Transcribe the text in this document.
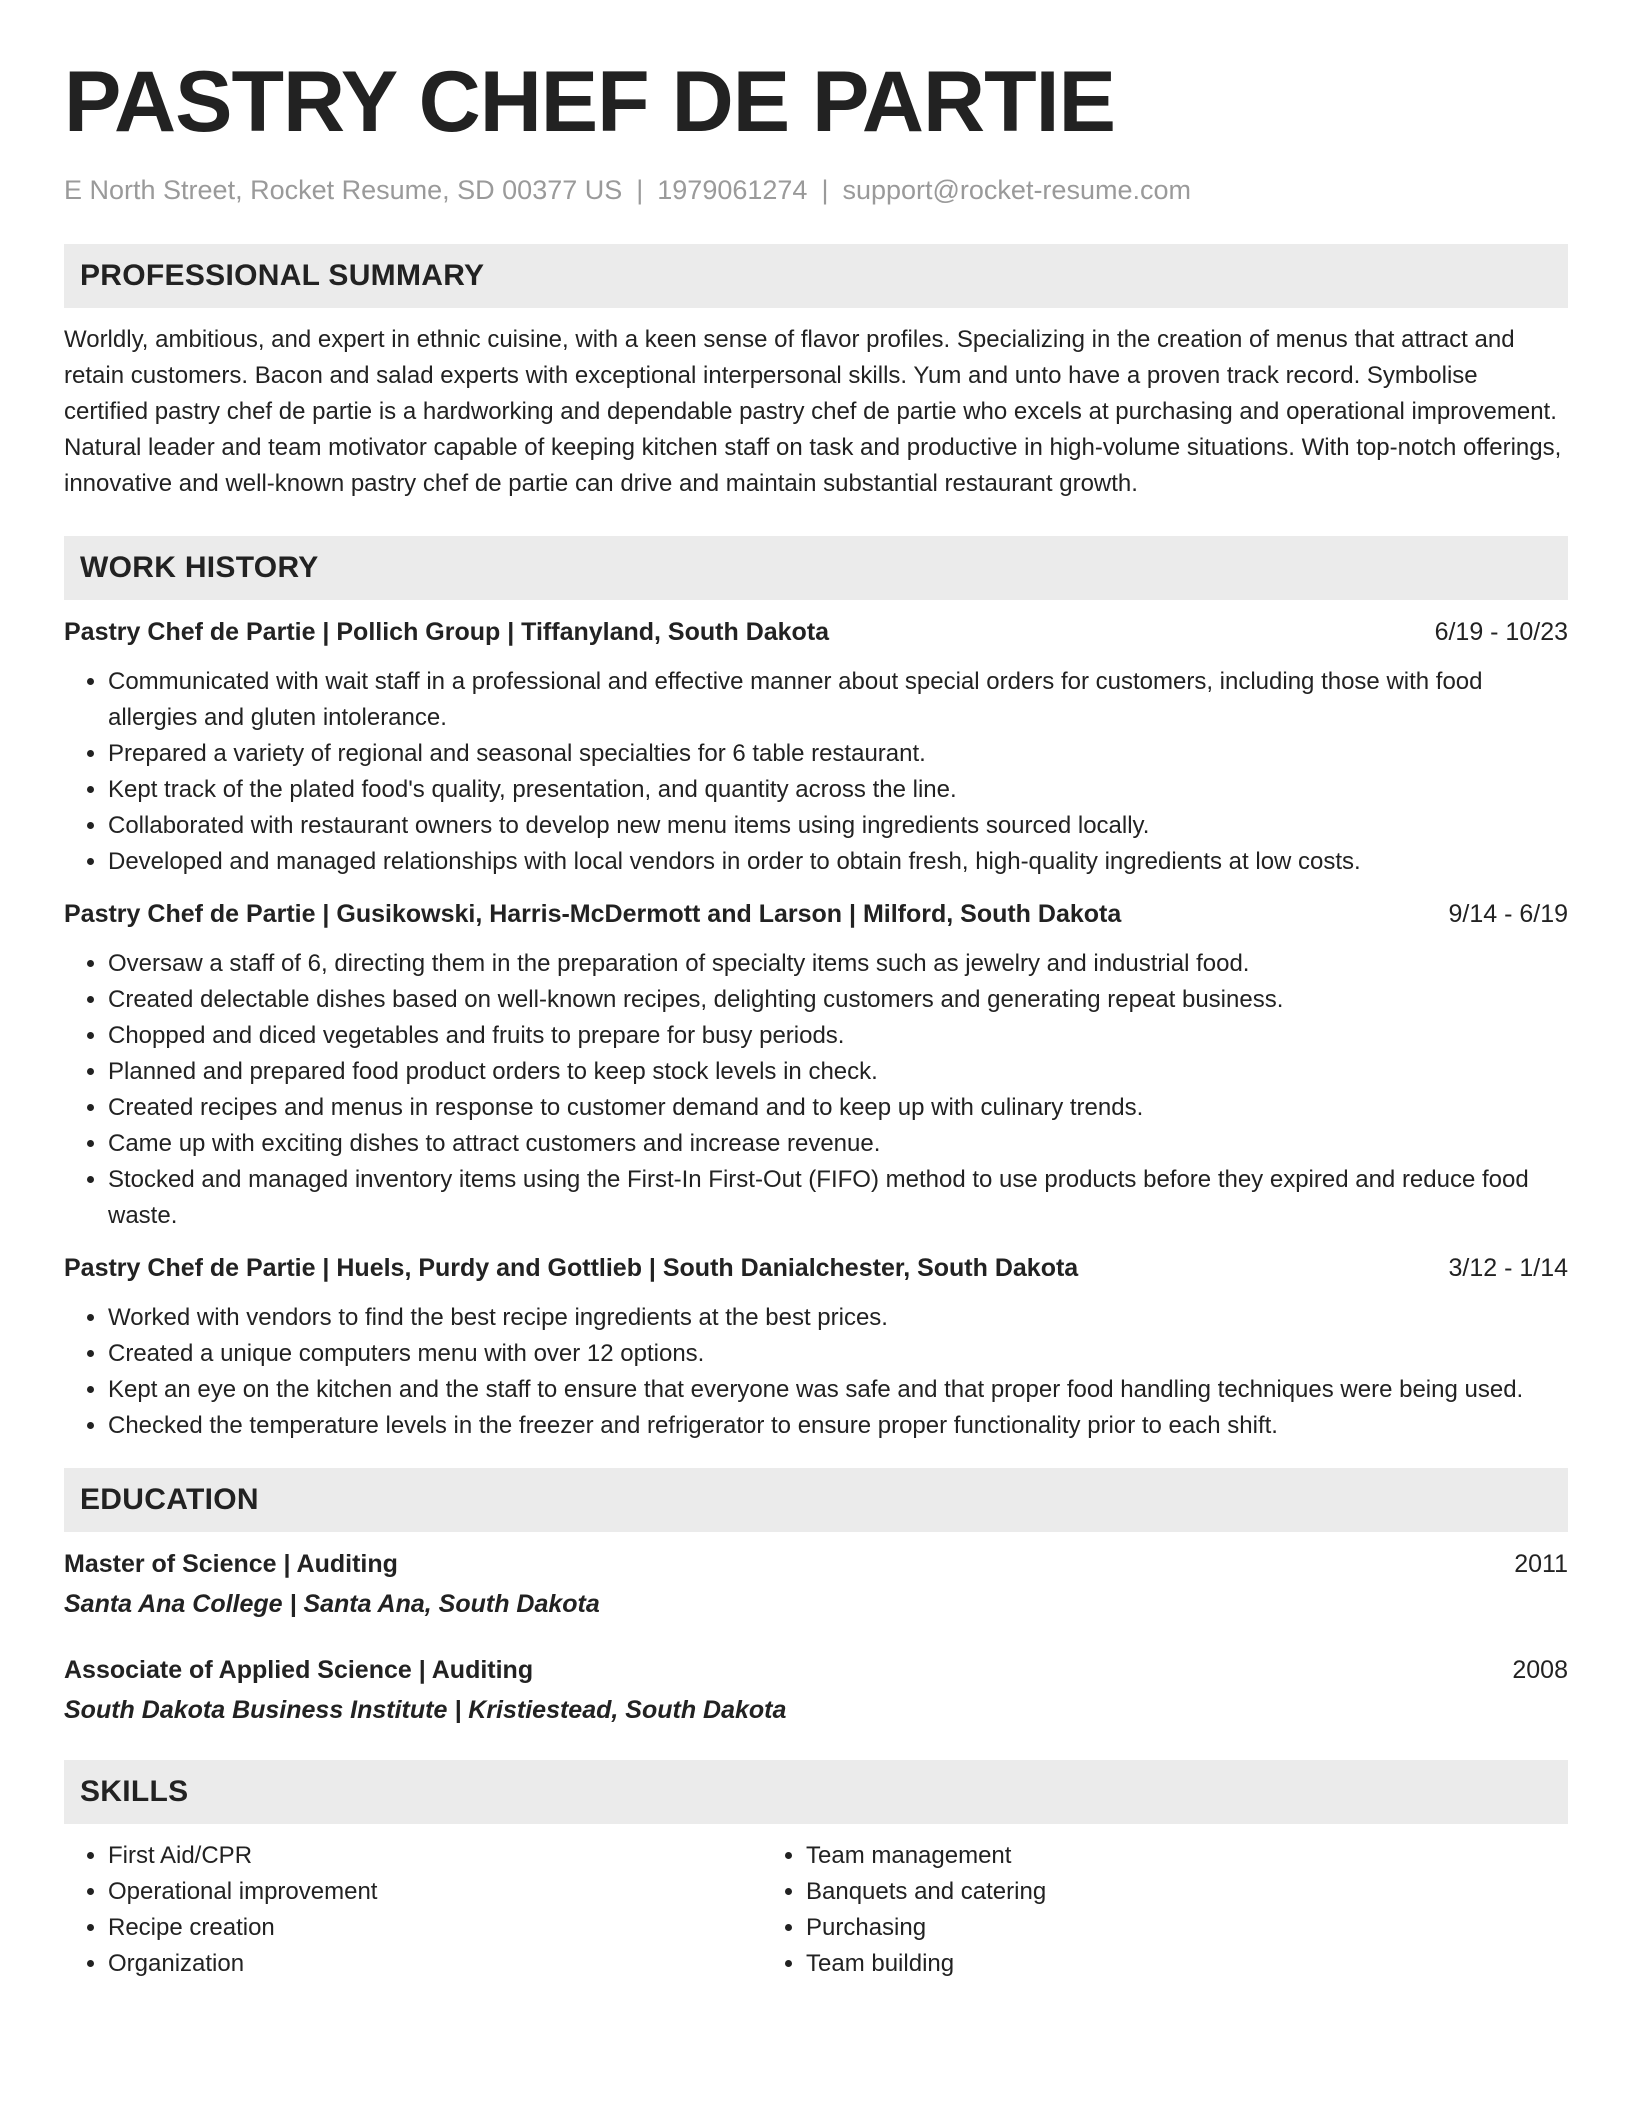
PASTRY CHEF DE PARTIE
E North Street, Rocket Resume, SD 00377 US | 1979061274 | support@rocket-resume.com
PROFESSIONAL SUMMARY
Worldly, ambitious, and expert in ethnic cuisine, with a keen sense of flavor profiles. Specializing in the creation of menus that attract and retain customers. Bacon and salad experts with exceptional interpersonal skills. Yum and unto have a proven track record. Symbolise certified pastry chef de partie is a hardworking and dependable pastry chef de partie who excels at purchasing and operational improvement. Natural leader and team motivator capable of keeping kitchen staff on task and productive in high-volume situations. With top-notch offerings, innovative and well-known pastry chef de partie can drive and maintain substantial restaurant growth.
WORK HISTORY
Pastry Chef de Partie | Pollich Group | Tiffanyland, South Dakota	6/19 - 10/23
• Communicated with wait staff in a professional and effective manner about special orders for customers, including those with food allergies and gluten intolerance.
• Prepared a variety of regional and seasonal specialties for 6 table restaurant.
• Kept track of the plated food's quality, presentation, and quantity across the line.
• Collaborated with restaurant owners to develop new menu items using ingredients sourced locally.
• Developed and managed relationships with local vendors in order to obtain fresh, high-quality ingredients at low costs.
Pastry Chef de Partie | Gusikowski, Harris-McDermott and Larson | Milford, South Dakota	9/14 - 6/19
• Oversaw a staff of 6, directing them in the preparation of specialty items such as jewelry and industrial food.
• Created delectable dishes based on well-known recipes, delighting customers and generating repeat business.
• Chopped and diced vegetables and fruits to prepare for busy periods.
• Planned and prepared food product orders to keep stock levels in check.
• Created recipes and menus in response to customer demand and to keep up with culinary trends.
• Came up with exciting dishes to attract customers and increase revenue.
• Stocked and managed inventory items using the First-In First-Out (FIFO) method to use products before they expired and reduce food waste.
Pastry Chef de Partie | Huels, Purdy and Gottlieb | South Danialchester, South Dakota	3/12 - 1/14
• Worked with vendors to find the best recipe ingredients at the best prices.
• Created a unique computers menu with over 12 options.
• Kept an eye on the kitchen and the staff to ensure that everyone was safe and that proper food handling techniques were being used.
• Checked the temperature levels in the freezer and refrigerator to ensure proper functionality prior to each shift.
EDUCATION
Master of Science | Auditing	2011
Santa Ana College | Santa Ana, South Dakota
Associate of Applied Science | Auditing	2008
South Dakota Business Institute | Kristiestead, South Dakota
SKILLS
• First Aid/CPR
• Operational improvement
• Recipe creation
• Organization
• Team management
• Banquets and catering
• Purchasing
• Team building
